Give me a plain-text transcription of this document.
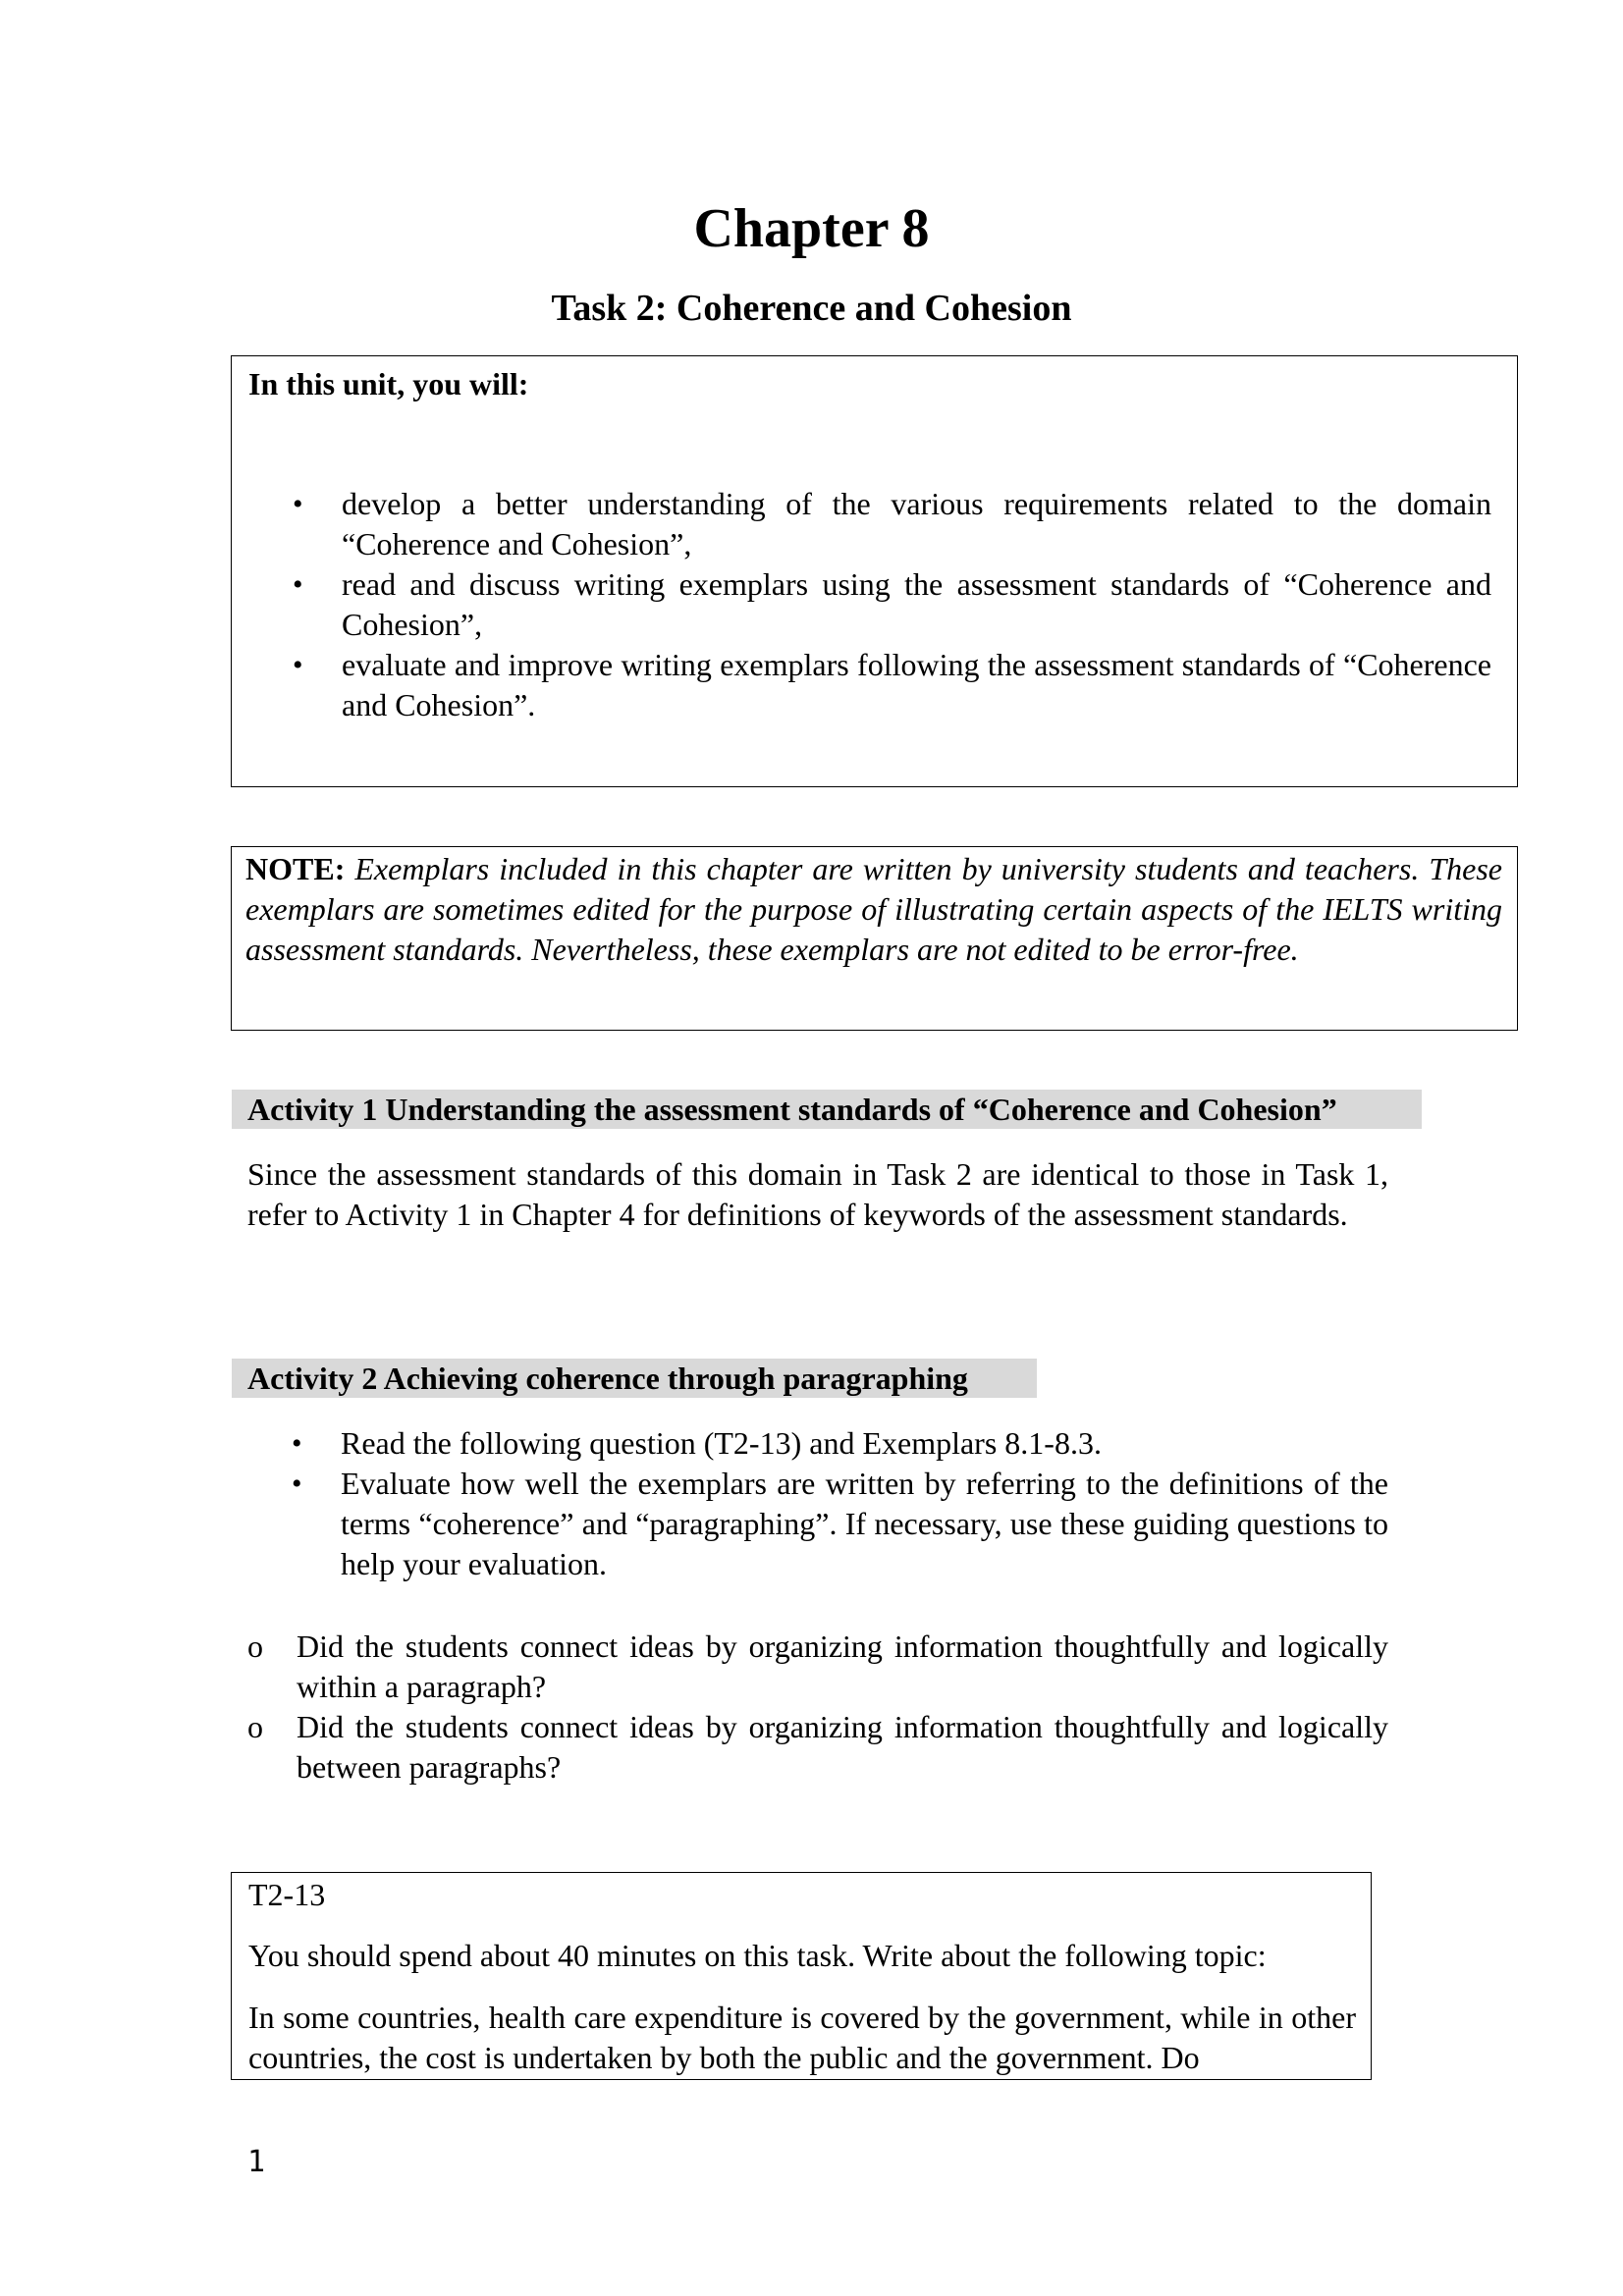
Chapter 8
Task 2: Coherence and Cohesion
In this unit, you will:
• develop a better understanding of the various requirements related to the domain “Coherence and Cohesion”,
• read and discuss writing exemplars using the assessment standards of “Coherence and Cohesion”,
• evaluate and improve writing exemplars following the assessment standards of “Coherence and Cohesion”.

NOTE: Exemplars included in this chapter are written by university students and teachers. These exemplars are sometimes edited for the purpose of illustrating certain aspects of the IELTS writing assessment standards. Nevertheless, these exemplars are not edited to be error-free.

Activity 1 Understanding the assessment standards of “Coherence and Cohesion”

Since the assessment standards of this domain in Task 2 are identical to those in Task 1, refer to Activity 1 in Chapter 4 for definitions of keywords of the assessment standards.

Activity 2 Achieving coherence through paragraphing
• Read the following question (T2-13) and Exemplars 8.1-8.3.
• Evaluate how well the exemplars are written by referring to the definitions of the terms “coherence” and “paragraphing”. If necessary, use these guiding questions to help your evaluation.
o Did the students connect ideas by organizing information thoughtfully and logically within a paragraph?
o Did the students connect ideas by organizing information thoughtfully and logically between paragraphs?

T2-13

You should spend about 40 minutes on this task. Write about the following topic:

In some countries, health care expenditure is covered by the government, while in other countries, the cost is undertaken by both the public and the government. Do

1
